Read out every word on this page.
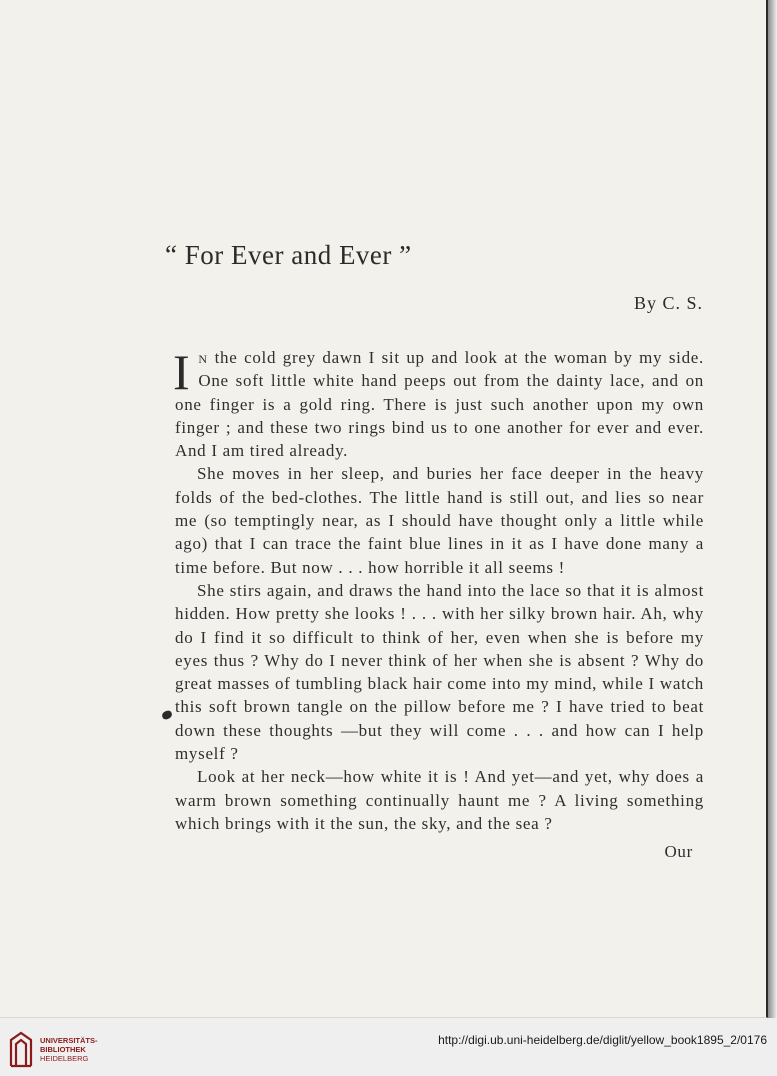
“ For Ever and Ever ”
By C. S.

In the cold grey dawn I sit up and look at the woman by my side. One soft little white hand peeps out from the dainty lace, and on one finger is a gold ring. There is just such another upon my own finger ; and these two rings bind us to one another for ever and ever. And I am tired already.

She moves in her sleep, and buries her face deeper in the heavy folds of the bed-clothes. The little hand is still out, and lies so near me (so temptingly near, as I should have thought only a little while ago) that I can trace the faint blue lines in it as I have done many a time before. But now . . . how horrible it all seems !

She stirs again, and draws the hand into the lace so that it is almost hidden. How pretty she looks ! . . . with her silky brown hair. Ah, why do I find it so difficult to think of her, even when she is before my eyes thus ? Why do I never think of her when she is absent ? Why do great masses of tumbling black hair come into my mind, while I watch this soft brown tangle on the pillow before me ? I have tried to beat down these thoughts —but they will come . . . and how can I help myself ?

Look at her neck—how white it is ! And yet—and yet, why does a warm brown something continually haunt me ? A living something which brings with it the sun, the sky, and the sea ?

Our
UNIVERSITÄTS-
BIBLIOTHEK
HEIDELBERG
http://digi.ub.uni-heidelberg.de/diglit/yellow_book1895_2/0176
